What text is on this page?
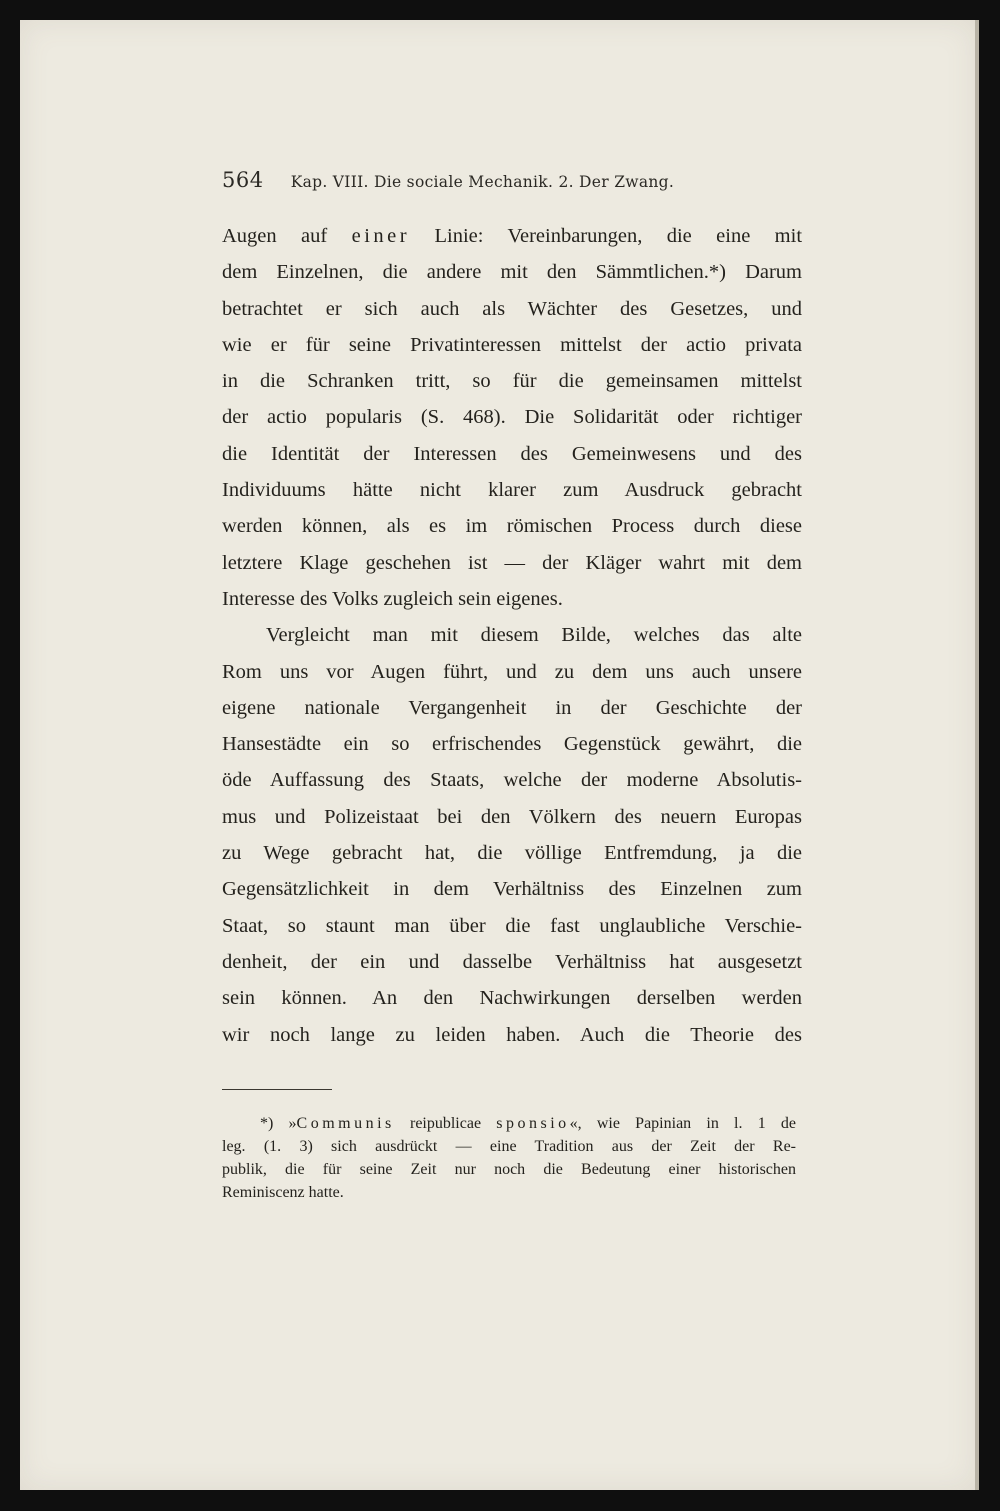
564 Kap. VIII. Die sociale Mechanik. 2. Der Zwang.
Augen auf einer Linie: Vereinbarungen, die eine mit
dem Einzelnen, die andere mit den Sämmtlichen.*) Darum
betrachtet er sich auch als Wächter des Gesetzes, und
wie er für seine Privatinteressen mittelst der actio privata
in die Schranken tritt, so für die gemeinsamen mittelst
der actio popularis (S. 468). Die Solidarität oder richtiger
die Identität der Interessen des Gemeinwesens und des
Individuums hätte nicht klarer zum Ausdruck gebracht
werden können, als es im römischen Process durch diese
letztere Klage geschehen ist — der Kläger wahrt mit dem
Interesse des Volks zugleich sein eigenes.
Vergleicht man mit diesem Bilde, welches das alte
Rom uns vor Augen führt, und zu dem uns auch unsere
eigene nationale Vergangenheit in der Geschichte der
Hansestädte ein so erfrischendes Gegenstück gewährt, die
öde Auffassung des Staats, welche der moderne Absolutis-
mus und Polizeistaat bei den Völkern des neuern Europas
zu Wege gebracht hat, die völlige Entfremdung, ja die
Gegensätzlichkeit in dem Verhältniss des Einzelnen zum
Staat, so staunt man über die fast unglaubliche Verschie-
denheit, der ein und dasselbe Verhältniss hat ausgesetzt
sein können. An den Nachwirkungen derselben werden
wir noch lange zu leiden haben. Auch die Theorie des
*) »Communis reipublicae sponsio«, wie Papinian in l. 1 de
leg. (1. 3) sich ausdrückt — eine Tradition aus der Zeit der Re-
publik, die für seine Zeit nur noch die Bedeutung einer historischen
Reminiscenz hatte.
